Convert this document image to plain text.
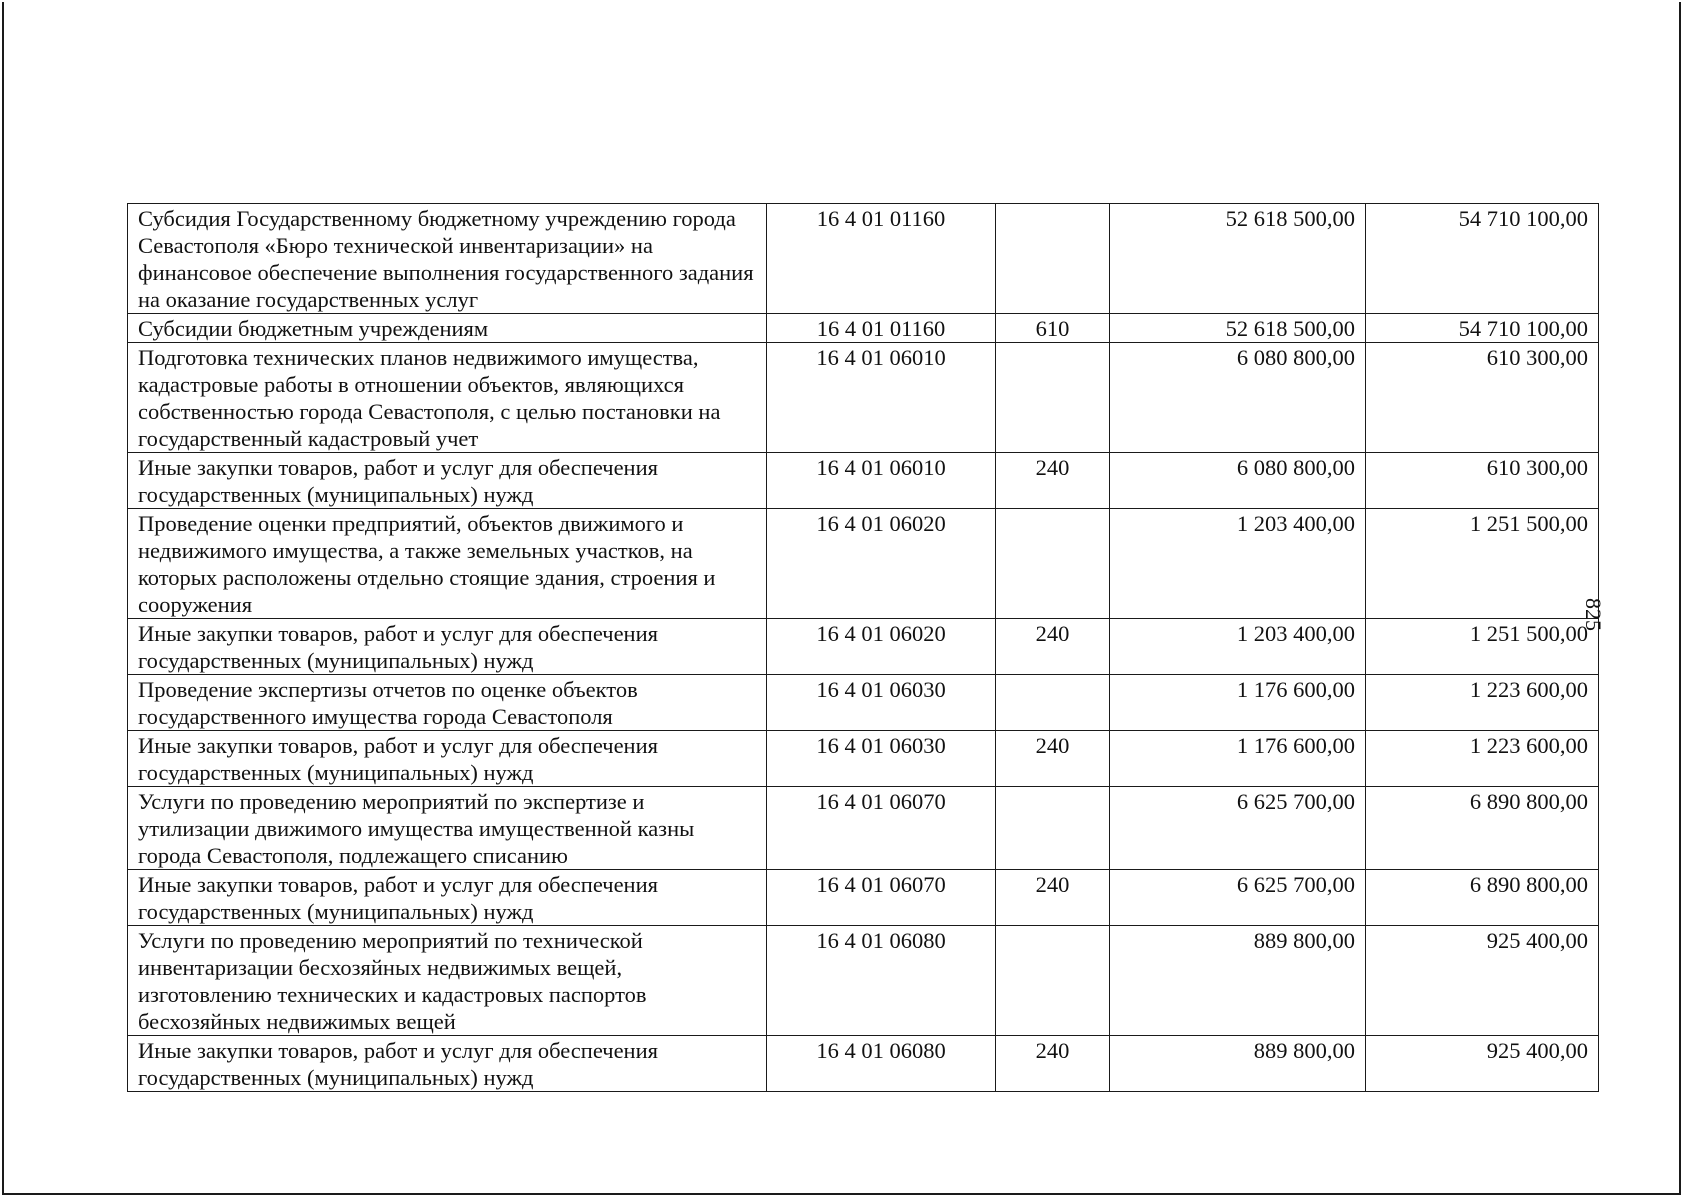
Субсидия Государственному бюджетному учреждению города Севастополя «Бюро технической инвентаризации» на финансовое обеспечение выполнения государственного задания на оказание государственных услуг	16 4 01 01160		52 618 500,00	54 710 100,00
Субсидии бюджетным учреждениям	16 4 01 01160	610	52 618 500,00	54 710 100,00
Подготовка технических планов недвижимого имущества, кадастровые работы в отношении объектов, являющихся собственностью города Севастополя, с целью постановки на государственный кадастровый учет	16 4 01 06010		6 080 800,00	610 300,00
Иные закупки товаров, работ и услуг для обеспечения государственных (муниципальных) нужд	16 4 01 06010	240	6 080 800,00	610 300,00
Проведение оценки предприятий, объектов движимого и недвижимого имущества, а также земельных участков, на которых расположены отдельно стоящие здания, строения и сооружения	16 4 01 06020		1 203 400,00	1 251 500,00
Иные закупки товаров, работ и услуг для обеспечения государственных (муниципальных) нужд	16 4 01 06020	240	1 203 400,00	1 251 500,00
Проведение экспертизы отчетов по оценке объектов государственного имущества города Севастополя	16 4 01 06030		1 176 600,00	1 223 600,00
Иные закупки товаров, работ и услуг для обеспечения государственных (муниципальных) нужд	16 4 01 06030	240	1 176 600,00	1 223 600,00
Услуги по проведению мероприятий по экспертизе и утилизации движимого имущества имущественной казны города Севастополя, подлежащего списанию	16 4 01 06070		6 625 700,00	6 890 800,00
Иные закупки товаров, работ и услуг для обеспечения государственных (муниципальных) нужд	16 4 01 06070	240	6 625 700,00	6 890 800,00
Услуги по проведению мероприятий по технической инвентаризации бесхозяйных недвижимых вещей, изготовлению технических и кадастровых паспортов бесхозяйных недвижимых вещей	16 4 01 06080		889 800,00	925 400,00
Иные закупки товаров, работ и услуг для обеспечения государственных (муниципальных) нужд	16 4 01 06080	240	889 800,00	925 400,00
825
